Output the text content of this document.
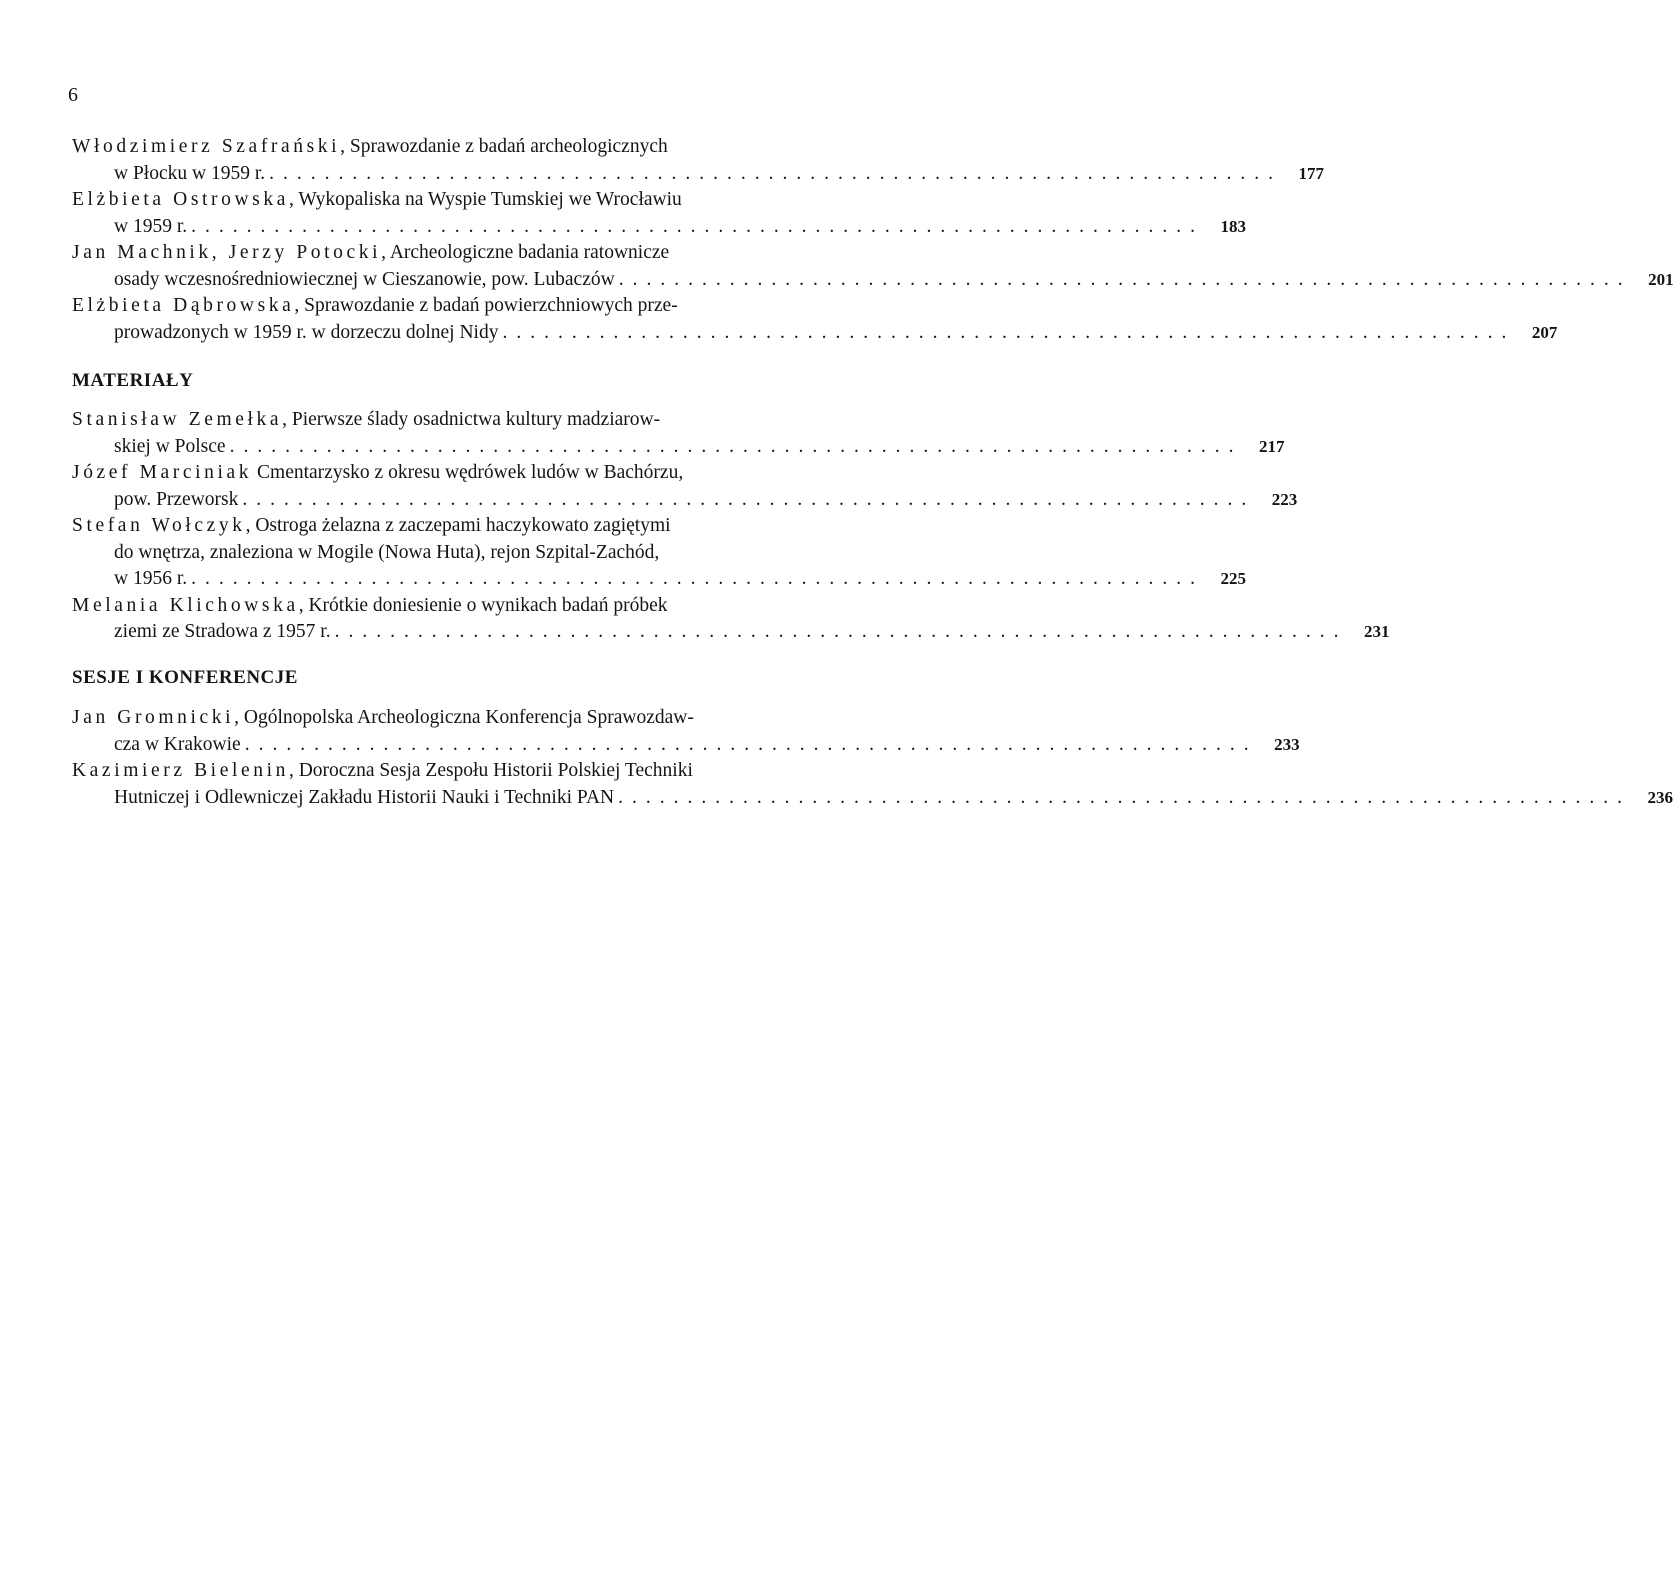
6
Włodzimierz Szafrański, Sprawozdanie z badań archeologicznych
w Płocku w 1959 r. ......................................................................... 177
Elżbieta Ostrowska, Wykopaliska na Wyspie Tumskiej we Wrocławiu
w 1959 r. ......................................................................... 183
Jan Machnik, Jerzy Potocki, Archeologiczne badania ratownicze
osady wczesnośredniowiecznej w Cieszanowie, pow. Lubaczów ......................................................................... 201
Elżbieta Dąbrowska, Sprawozdanie z badań powierzchniowych prze-
prowadzonych w 1959 r. w dorzeczu dolnej Nidy ......................................................................... 207
MATERIAŁY
Stanisław Zemełka, Pierwsze ślady osadnictwa kultury madziarow-
skiej w Polsce ......................................................................... 217
Józef Marciniak Cmentarzysko z okresu wędrówek ludów w Bachórzu,
pow. Przeworsk ......................................................................... 223
Stefan Wołczyk, Ostroga żelazna z zaczepami haczykowato zagiętymi
do wnętrza, znaleziona w Mogile (Nowa Huta), rejon Szpital-Zachód,
w 1956 r. ......................................................................... 225
Melania Klichowska, Krótkie doniesienie o wynikach badań próbek
ziemi ze Stradowa z 1957 r. ......................................................................... 231
SESJE I KONFERENCJE
Jan Gromnicki, Ogólnopolska Archeologiczna Konferencja Sprawozdaw-
cza w Krakowie ......................................................................... 233
Kazimierz Bielenin, Doroczna Sesja Zespołu Historii Polskiej Techniki
Hutniczej i Odlewniczej Zakładu Historii Nauki i Techniki PAN ......................................................................... 236
